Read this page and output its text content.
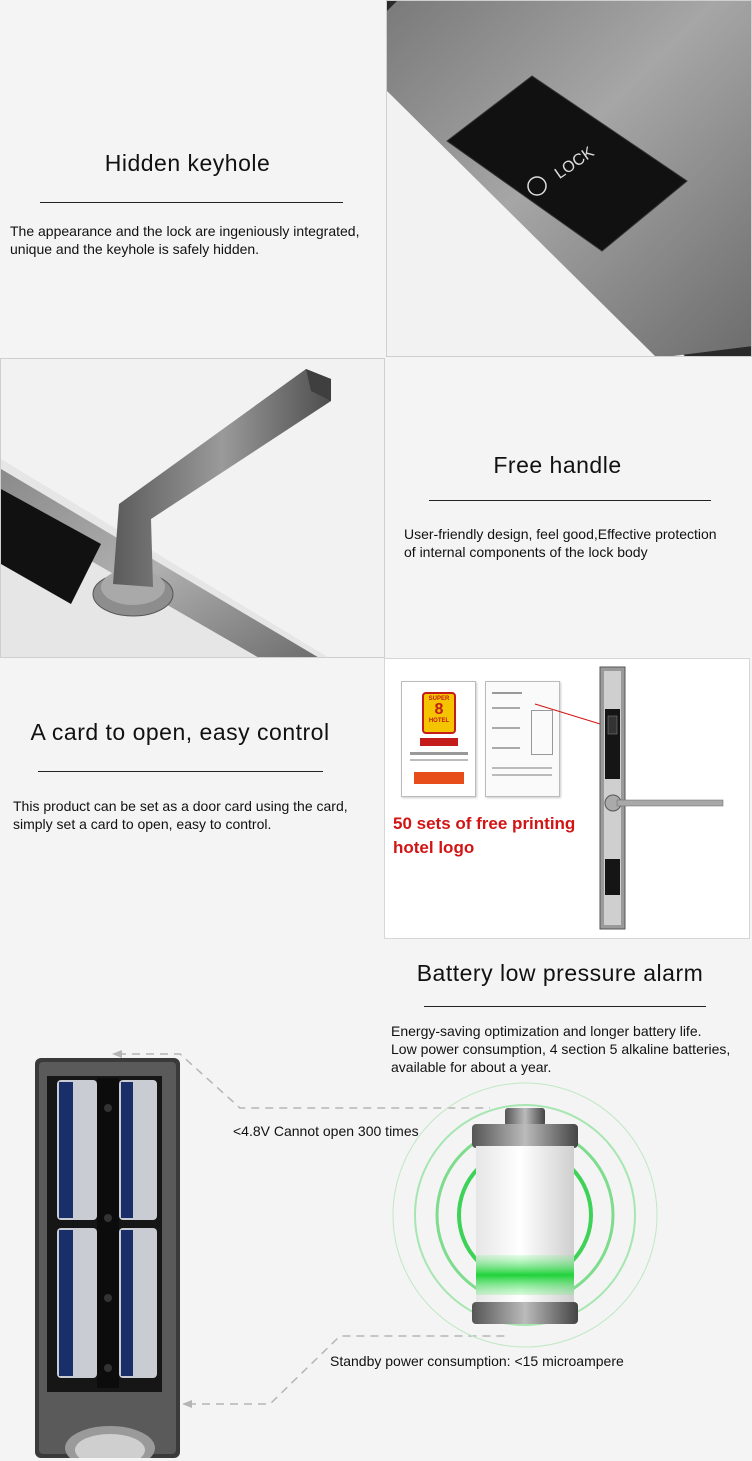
Hidden keyhole
The appearance and the lock are ingeniously integrated,
unique and the keyhole is safely hidden.
LOCK
Free handle
User-friendly design, feel good,Effective protection
of internal components of the lock body
A card to open, easy control
This product can be set as a door card using the card,
simply set a card to open, easy to control.
SUPER
8
HOTEL
50 sets of free printing
hotel logo
Battery low pressure alarm
Energy-saving optimization and longer battery life.
Low power consumption, 4 section 5 alkaline batteries,
available for about a year.
<4.8V Cannot open 300 times
Standby power consumption: <15 microampere
